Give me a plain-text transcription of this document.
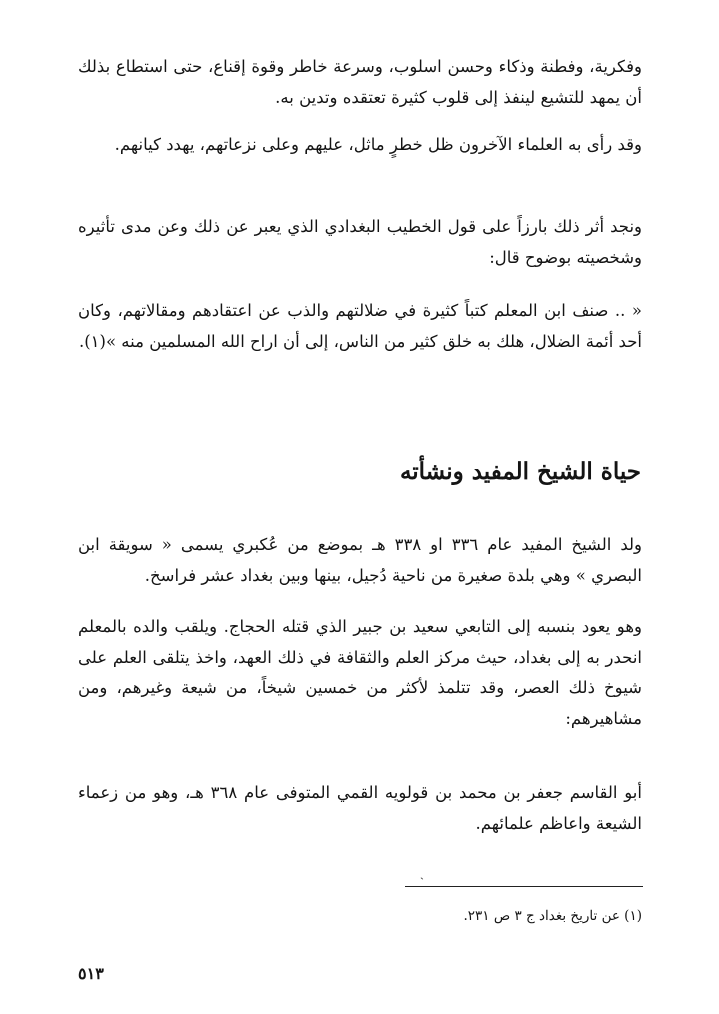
وفكرية، وفطنة وذكاء وحسن اسلوب، وسرعة خاطر وقوة إقناع، حتى استطاع بذلك أن يمهد للتشيع لينفذ إلى قلوب كثيرة تعتقده وتدين به.

وقد رأى به العلماء الآخرون ظل خطرٍ ماثل، عليهم وعلى نزعاتهم، يهدد كيانهم.

ونجد أثر ذلك بارزاً على قول الخطيب البغدادي الذي يعبر عن ذلك وعن مدى تأثيره وشخصيته بوضوح قال:

« .. صنف ابن المعلم كتباً كثيرة في ضلالتهم والذب عن اعتقادهم ومقالاتهم، وكان أحد أئمة الضلال، هلك به خلق كثير من الناس، إلى أن اراح الله المسلمين منه »(١).

حياة الشيخ المفيد ونشأته

ولد الشيخ المفيد عام ٣٣٦ او ٣٣٨ هـ بموضع من عُكبري يسمى « سويقة ابن البصري » وهي بلدة صغيرة من ناحية دُجيل، بينها وبين بغداد عشر فراسخ.

وهو يعود بنسبه إلى التابعي سعيد بن جبير الذي قتله الحجاج. ويلقب والده بالمعلم انحدر به إلى بغداد، حيث مركز العلم والثقافة في ذلك العهد، واخذ يتلقى العلم على شيوخ ذلك العصر، وقد تتلمذ لأكثر من خمسين شيخاً، من شيعة وغيرهم، ومن مشاهيرهم:

أبو القاسم جعفر بن محمد بن قولويه القمي المتوفى عام ٣٦٨ هـ، وهو من زعماء الشيعة واعاظم علمائهم.

ˎ

(١) عن تاريخ بغداد ج ٣ ص ٢٣١.

٥١٣
